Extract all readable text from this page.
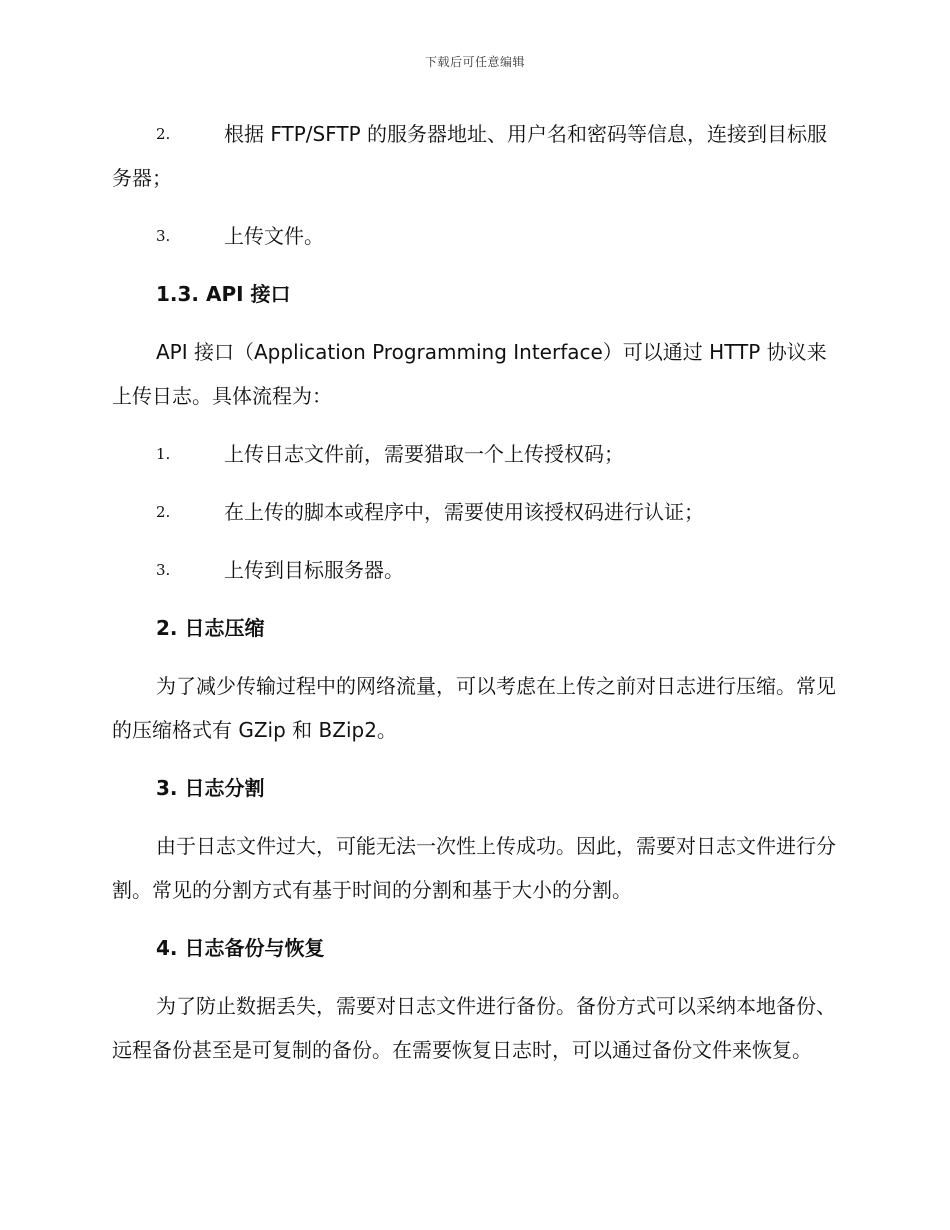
下载后可任意编辑
2.	根据 FTP/SFTP 的服务器地址、用户名和密码等信息，连接到目标服务器；
3.	上传文件。
1.3. API 接口
API 接口（Application Programming Interface）可以通过 HTTP 协议来上传日志。具体流程为：
1.	上传日志文件前，需要猎取一个上传授权码；
2.	在上传的脚本或程序中，需要使用该授权码进行认证；
3.	上传到目标服务器。
2. 日志压缩
为了减少传输过程中的网络流量，可以考虑在上传之前对日志进行压缩。常见的压缩格式有 GZip 和 BZip2。
3. 日志分割
由于日志文件过大，可能无法一次性上传成功。因此，需要对日志文件进行分割。常见的分割方式有基于时间的分割和基于大小的分割。
4. 日志备份与恢复
为了防止数据丢失，需要对日志文件进行备份。备份方式可以采纳本地备份、远程备份甚至是可复制的备份。在需要恢复日志时，可以通过备份文件来恢复。
